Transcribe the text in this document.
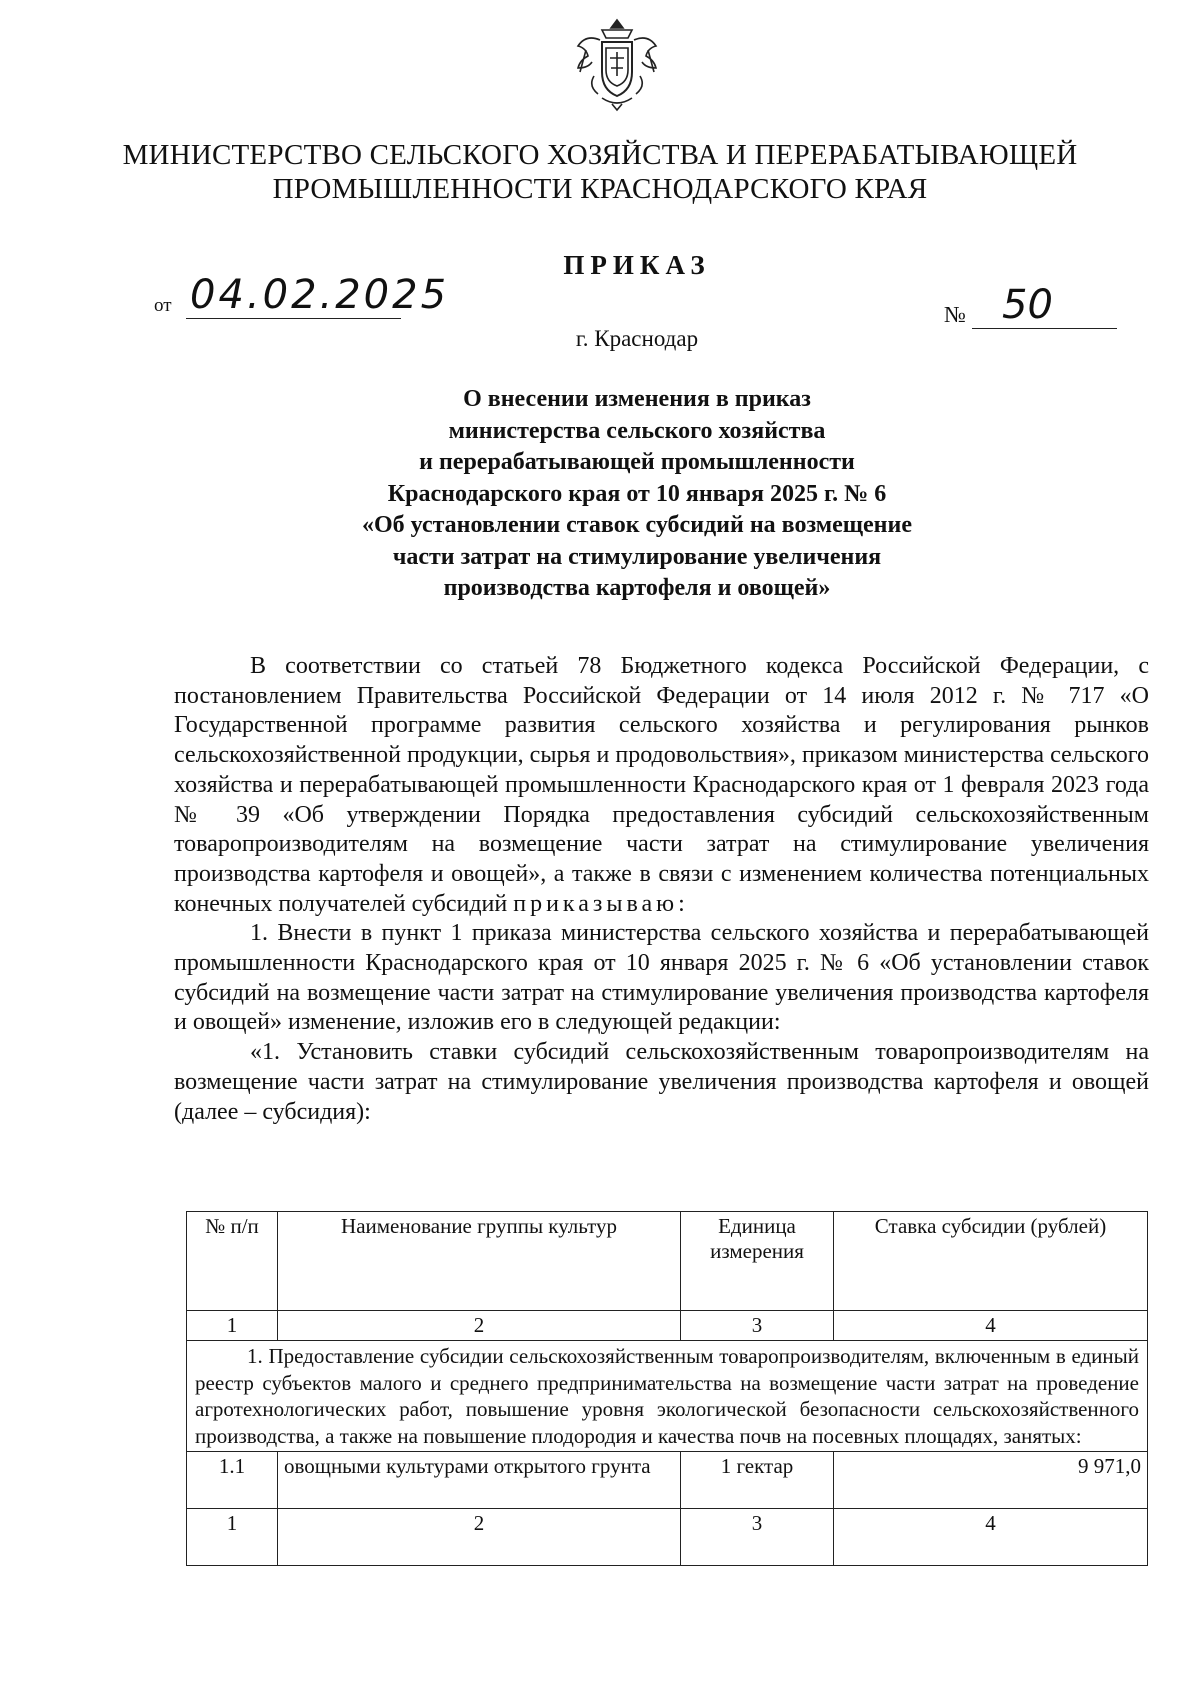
МИНИСТЕРСТВО СЕЛЬСКОГО ХОЗЯЙСТВА И ПЕРЕРАБАТЫВАЮЩЕЙ
ПРОМЫШЛЕННОСТИ КРАСНОДАРСКОГО КРАЯ
ПРИКАЗ
от 04.02.2025	№ 50
г. Краснодар
О внесении изменения в приказ
министерства сельского хозяйства
и перерабатывающей промышленности
Краснодарского края от 10 января 2025 г. № 6
«Об установлении ставок субсидий на возмещение
части затрат на стимулирование увеличения
производства картофеля и овощей»

В соответствии со статьей 78 Бюджетного кодекса Российской Федерации, с постановлением Правительства Российской Федерации от 14 июля 2012 г. № 717 «О Государственной программе развития сельского хозяйства и регулирования рынков сельскохозяйственной продукции, сырья и продовольствия», приказом министерства сельского хозяйства и перерабатывающей промышленности Краснодарского края от 1 февраля 2023 года № 39 «Об утверждении Порядка предоставления субсидий сельскохозяйственным товаропроизводителям на возмещение части затрат на стимулирование увеличения производства картофеля и овощей», а также в связи с изменением количества потенциальных конечных получателей субсидий приказываю:

1. Внести в пункт 1 приказа министерства сельского хозяйства и перерабатывающей промышленности Краснодарского края от 10 января 2025 г. № 6 «Об установлении ставок субсидий на возмещение части затрат на стимулирование увеличения производства картофеля и овощей» изменение, изложив его в следующей редакции:

«1. Установить ставки субсидий сельскохозяйственным товаропроизводителям на возмещение части затрат на стимулирование увеличения производства картофеля и овощей (далее – субсидия):

№ п/п	Наименование группы культур	Единица измерения	Ставка субсидии (рублей)
1	2	3	4
1. Предоставление субсидии сельскохозяйственным товаропроизводителям, включенным в единый реестр субъектов малого и среднего предпринимательства на возмещение части затрат на проведение агротехнологических работ, повышение уровня экологической безопасности сельскохозяйственного производства, а также на повышение плодородия и качества почв на посевных площадях, занятых:			
1.1	овощными культурами открытого грунта	1 гектар	9 971,0
1	2	3	4
